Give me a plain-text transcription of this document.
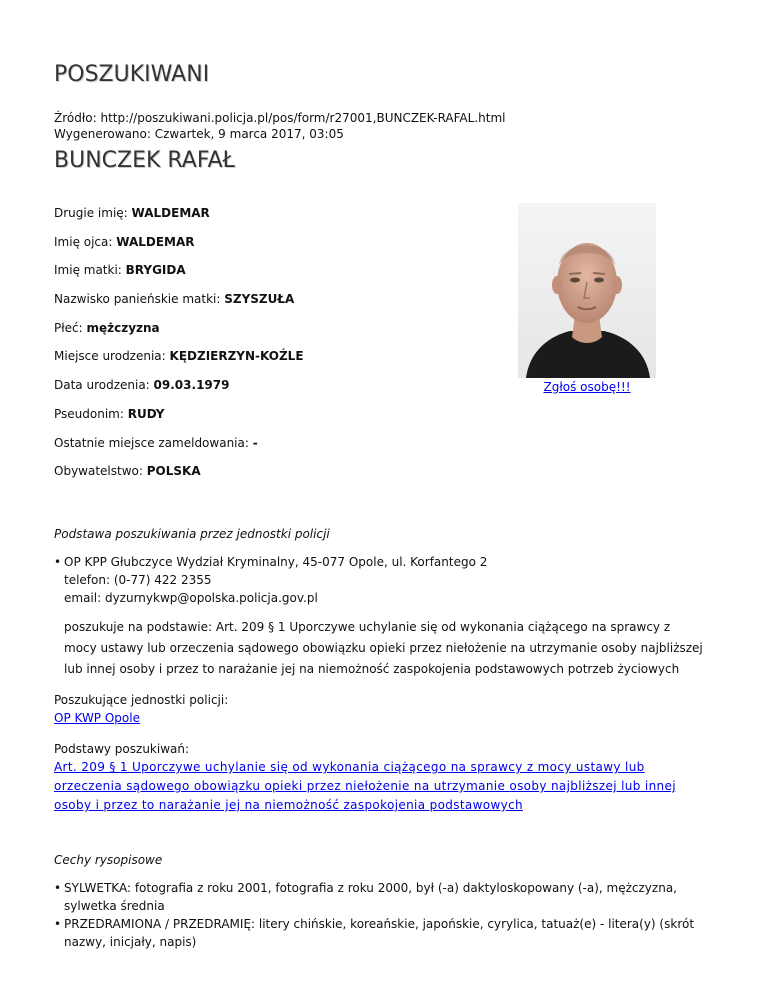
POSZUKIWANI
Źródło: http://poszukiwani.policja.pl/pos/form/r27001,BUNCZEK-RAFAL.html
Wygenerowano: Czwartek, 9 marca 2017, 03:05
BUNCZEK RAFAŁ
Drugie imię: WALDEMAR
Imię ojca: WALDEMAR
Imię matki: BRYGIDA
Nazwisko panieńskie matki: SZYSZUŁA
Płeć: mężczyzna
Miejsce urodzenia: KĘDZIERZYN-KOŹLE
Data urodzenia: 09.03.1979
Pseudonim: RUDY
Ostatnie miejsce zameldowania: -
Obywatelstwo: POLSKA
Zgłoś osobę!!!
Podstawa poszukiwania przez jednostki policji
• OP KPP Głubczyce Wydział Kryminalny, 45-077 Opole, ul. Korfantego 2
telefon: (0-77) 422 2355
email: dyzurnykwp@opolska.policja.gov.pl
poszukuje na podstawie: Art. 209 § 1 Uporczywe uchylanie się od wykonania ciążącego na sprawcy z mocy ustawy lub orzeczenia sądowego obowiązku opieki przez niełożenie na utrzymanie osoby najbliższej lub innej osoby i przez to narażanie jej na niemożność zaspokojenia podstawowych potrzeb życiowych
Poszukujące jednostki policji:
OP KWP Opole
Podstawy poszukiwań:
Art. 209 § 1 Uporczywe uchylanie się od wykonania ciążącego na sprawcy z mocy ustawy lub orzeczenia sądowego obowiązku opieki przez niełożenie na utrzymanie osoby najbliższej lub innej osoby i przez to narażanie jej na niemożność zaspokojenia podstawowych
Cechy rysopisowe
• SYLWETKA: fotografia z roku 2001, fotografia z roku 2000, był (-a) daktyloskopowany (-a), mężczyzna, sylwetka średnia
• PRZEDRAMIONA / PRZEDRAMIĘ: litery chińskie, koreańskie, japońskie, cyrylica, tatuaż(e) - litera(y) (skrót nazwy, inicjały, napis)
